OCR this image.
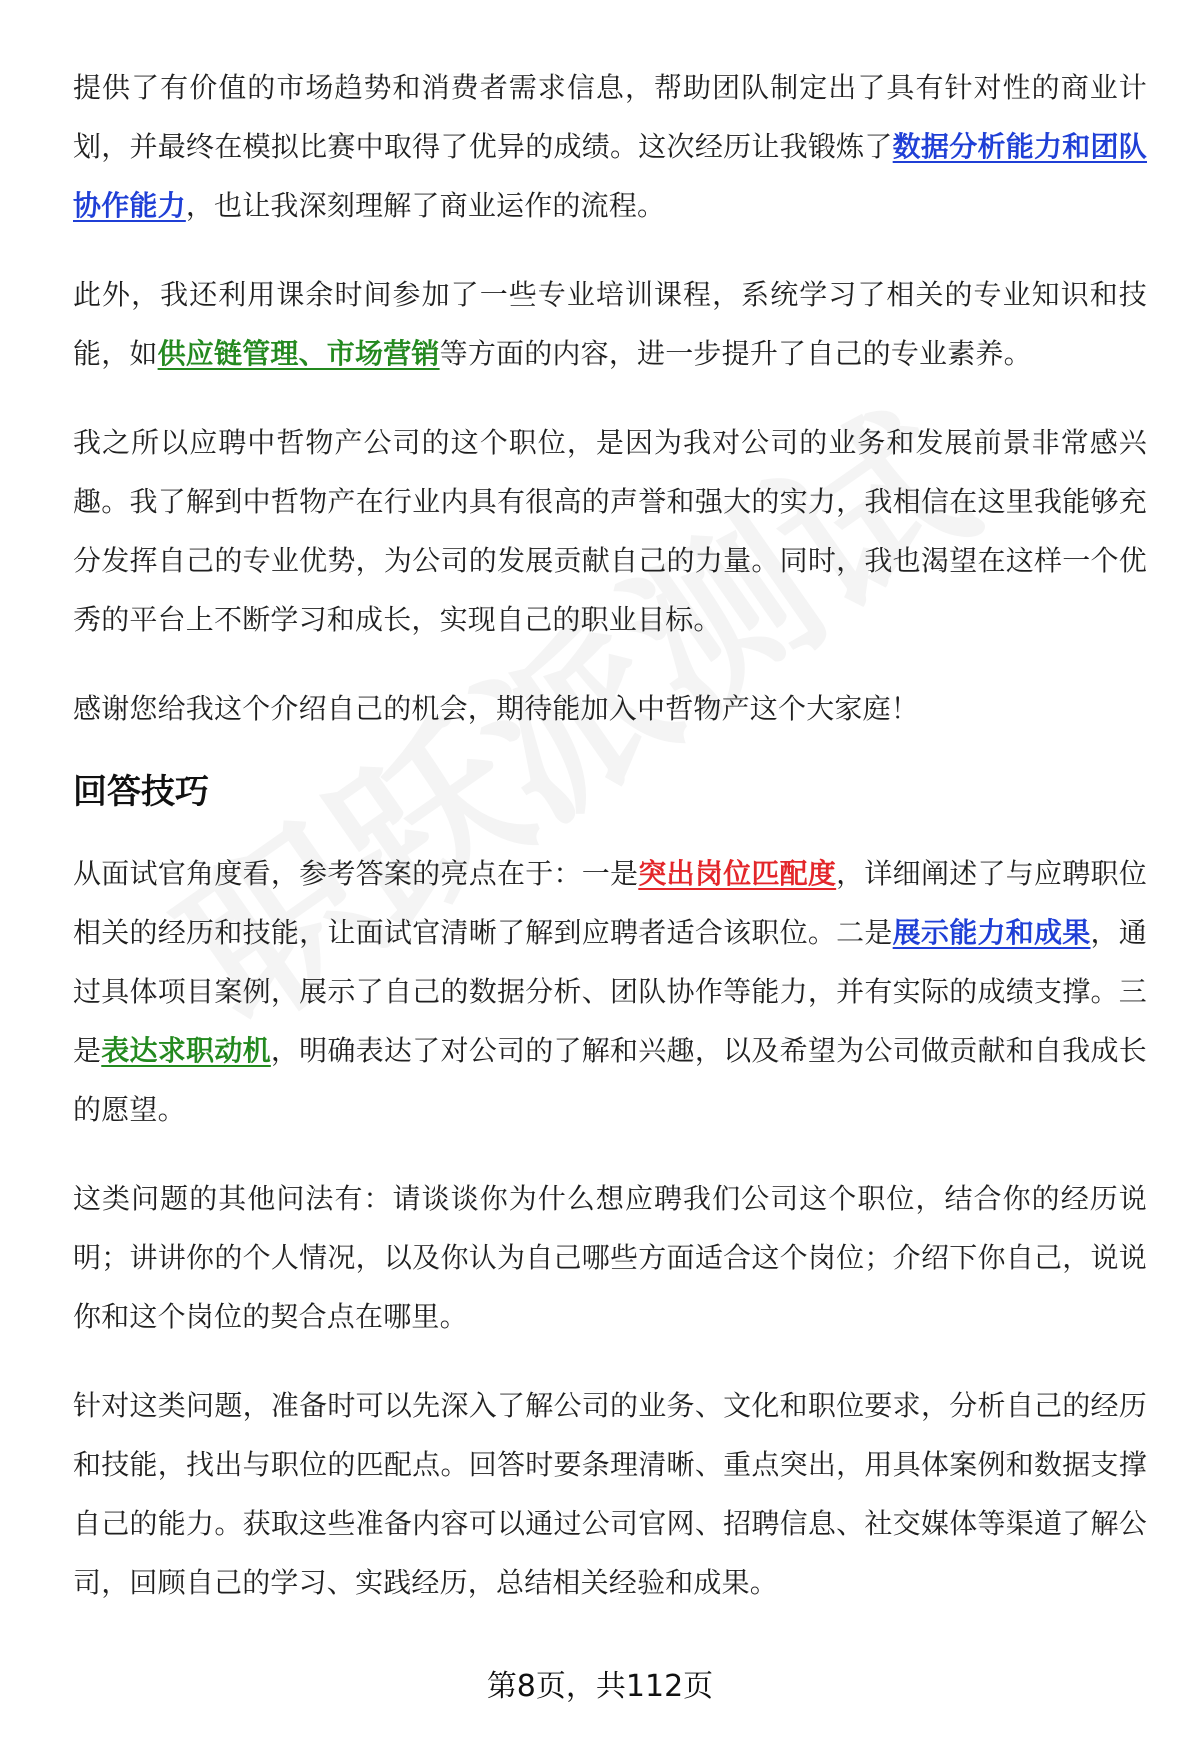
提供了有价值的市场趋势和消费者需求信息，帮助团队制定出了具有针对性的商业计划，并最终在模拟比赛中取得了优异的成绩。这次经历让我锻炼了数据分析能力和团队协作能力，也让我深刻理解了商业运作的流程。

此外，我还利用课余时间参加了一些专业培训课程，系统学习了相关的专业知识和技能，如供应链管理、市场营销等方面的内容，进一步提升了自己的专业素养。

我之所以应聘中哲物产公司的这个职位，是因为我对公司的业务和发展前景非常感兴趣。我了解到中哲物产在行业内具有很高的声誉和强大的实力，我相信在这里我能够充分发挥自己的专业优势，为公司的发展贡献自己的力量。同时，我也渴望在这样一个优秀的平台上不断学习和成长，实现自己的职业目标。

感谢您给我这个介绍自己的机会，期待能加入中哲物产这个大家庭！

回答技巧

从面试官角度看，参考答案的亮点在于：一是突出岗位匹配度，详细阐述了与应聘职位相关的经历和技能，让面试官清晰了解到应聘者适合该职位。二是展示能力和成果，通过具体项目案例，展示了自己的数据分析、团队协作等能力，并有实际的成绩支撑。三是表达求职动机，明确表达了对公司的了解和兴趣，以及希望为公司做贡献和自我成长的愿望。

这类问题的其他问法有：请谈谈你为什么想应聘我们公司这个职位，结合你的经历说明；讲讲你的个人情况，以及你认为自己哪些方面适合这个岗位；介绍下你自己，说说你和这个岗位的契合点在哪里。

针对这类问题，准备时可以先深入了解公司的业务、文化和职位要求，分析自己的经历和技能，找出与职位的匹配点。回答时要条理清晰、重点突出，用具体案例和数据支撑自己的能力。获取这些准备内容可以通过公司官网、招聘信息、社交媒体等渠道了解公司，回顾自己的学习、实践经历，总结相关经验和成果。

第8页，共112页
